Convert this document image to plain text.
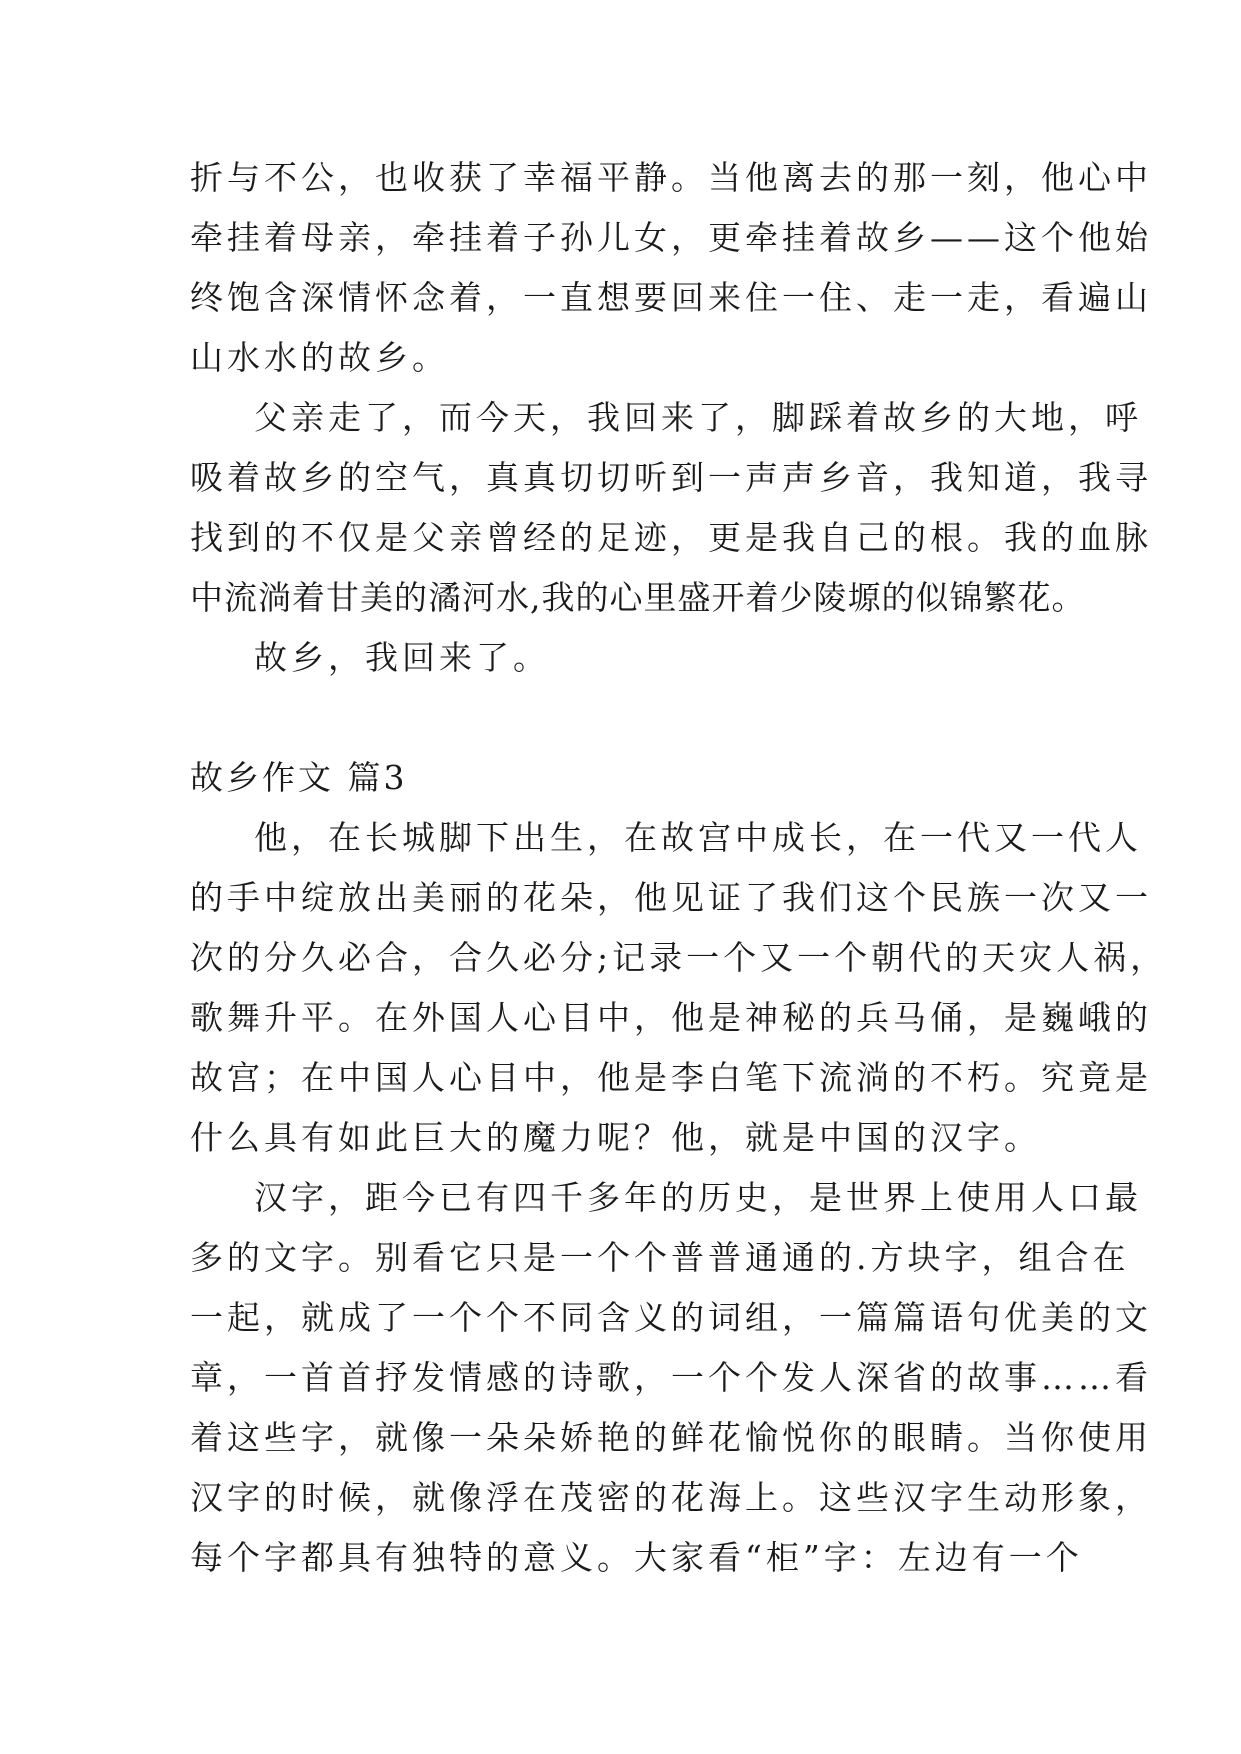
折与不公，也收获了幸福平静。当他离去的那一刻，他心中
牵挂着母亲，牵挂着子孙儿女，更牵挂着故乡——这个他始
终饱含深情怀念着，一直想要回来住一住、走一走，看遍山
山水水的故乡。
父亲走了，而今天，我回来了，脚踩着故乡的大地，呼
吸着故乡的空气，真真切切听到一声声乡音，我知道，我寻
找到的不仅是父亲曾经的足迹，更是我自己的根。我的血脉
中流淌着甘美的潏河水,我的心里盛开着少陵塬的似锦繁花。
故乡，我回来了。
故乡作文 篇3
他，在长城脚下出生，在故宫中成长，在一代又一代人
的手中绽放出美丽的花朵，他见证了我们这个民族一次又一
次的分久必合，合久必分;记录一个又一个朝代的天灾人祸，
歌舞升平。在外国人心目中，他是神秘的兵马俑，是巍峨的
故宫；在中国人心目中，他是李白笔下流淌的不朽。究竟是
什么具有如此巨大的魔力呢？他，就是中国的汉字。
汉字，距今已有四千多年的历史，是世界上使用人口最
多的文字。别看它只是一个个普普通通的.方块字，组合在
一起，就成了一个个不同含义的词组，一篇篇语句优美的文
章，一首首抒发情感的诗歌，一个个发人深省的故事……看
着这些字，就像一朵朵娇艳的鲜花愉悦你的眼睛。当你使用
汉字的时候，就像浮在茂密的花海上。这些汉字生动形象，
每个字都具有独特的意义。大家看“柜”字：左边有一个
